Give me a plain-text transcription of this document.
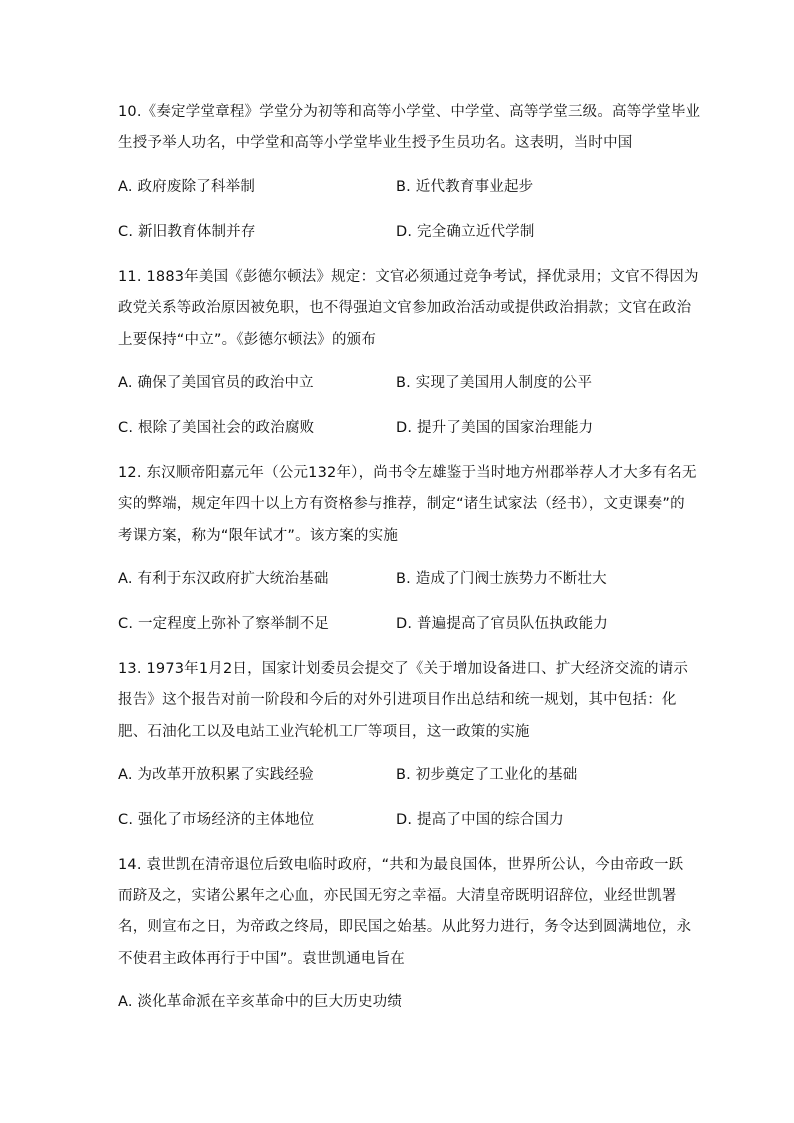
10.《奏定学堂章程》学堂分为初等和高等小学堂、中学堂、高等学堂三级。高等学堂毕业
生授予举人功名，中学堂和高等小学堂毕业生授予生员功名。这表明，当时中国
A. 政府废除了科举制	B. 近代教育事业起步
C. 新旧教育体制并存	D. 完全确立近代学制
11. 1883年美国《彭德尔顿法》规定：文官必须通过竞争考试，择优录用；文官不得因为
政党关系等政治原因被免职，也不得强迫文官参加政治活动或提供政治捐款；文官在政治
上要保持“中立”。《彭德尔顿法》的颁布
A. 确保了美国官员的政治中立	B. 实现了美国用人制度的公平
C. 根除了美国社会的政治腐败	D. 提升了美国的国家治理能力
12. 东汉顺帝阳嘉元年（公元132年），尚书令左雄鉴于当时地方州郡举荐人才大多有名无
实的弊端，规定年四十以上方有资格参与推荐，制定“诸生试家法（经书），文吏课奏”的
考课方案，称为“限年试才”。该方案的实施
A. 有利于东汉政府扩大统治基础	B. 造成了门阀士族势力不断壮大
C. 一定程度上弥补了察举制不足	D. 普遍提高了官员队伍执政能力
13. 1973年1月2日，国家计划委员会提交了《关于增加设备进口、扩大经济交流的请示
报告》这个报告对前一阶段和今后的对外引进项目作出总结和统一规划，其中包括：化
肥、石油化工以及电站工业汽轮机工厂等项目，这一政策的实施
A. 为改革开放积累了实践经验	B. 初步奠定了工业化的基础
C. 强化了市场经济的主体地位	D. 提高了中国的综合国力
14. 袁世凯在清帝退位后致电临时政府，“共和为最良国体，世界所公认，今由帝政一跃
而跻及之，实诸公累年之心血，亦民国无穷之幸福。大清皇帝既明诏辞位，业经世凯署
名，则宣布之日，为帝政之终局，即民国之始基。从此努力进行，务令达到圆满地位，永
不使君主政体再行于中国”。袁世凯通电旨在
A. 淡化革命派在辛亥革命中的巨大历史功绩
